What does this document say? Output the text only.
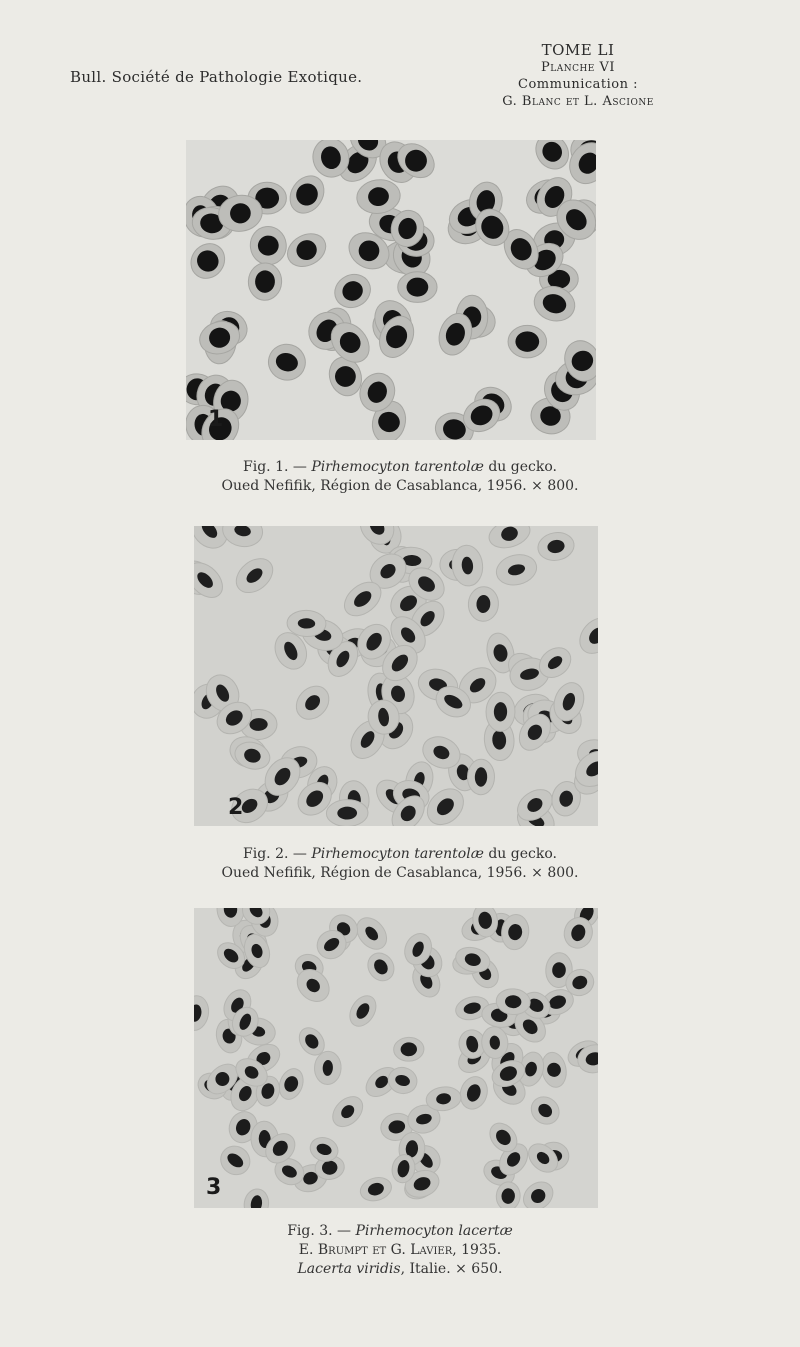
Bull. Société de Pathologie Exotique.
TOME LI
Planche VI
Communication :
G. Blanc et L. Ascione
1
Fig. 1. — Pirhemocyton tarentolæ du gecko.
Oued Nefifik, Région de Casablanca, 1956. × 800.
2
Fig. 2. — Pirhemocyton tarentolæ du gecko.
Oued Nefifik, Région de Casablanca, 1956. × 800.
3
Fig. 3. — Pirhemocyton lacertæ
E. Brumpt et G. Lavier, 1935.
Lacerta viridis, Italie. × 650.
